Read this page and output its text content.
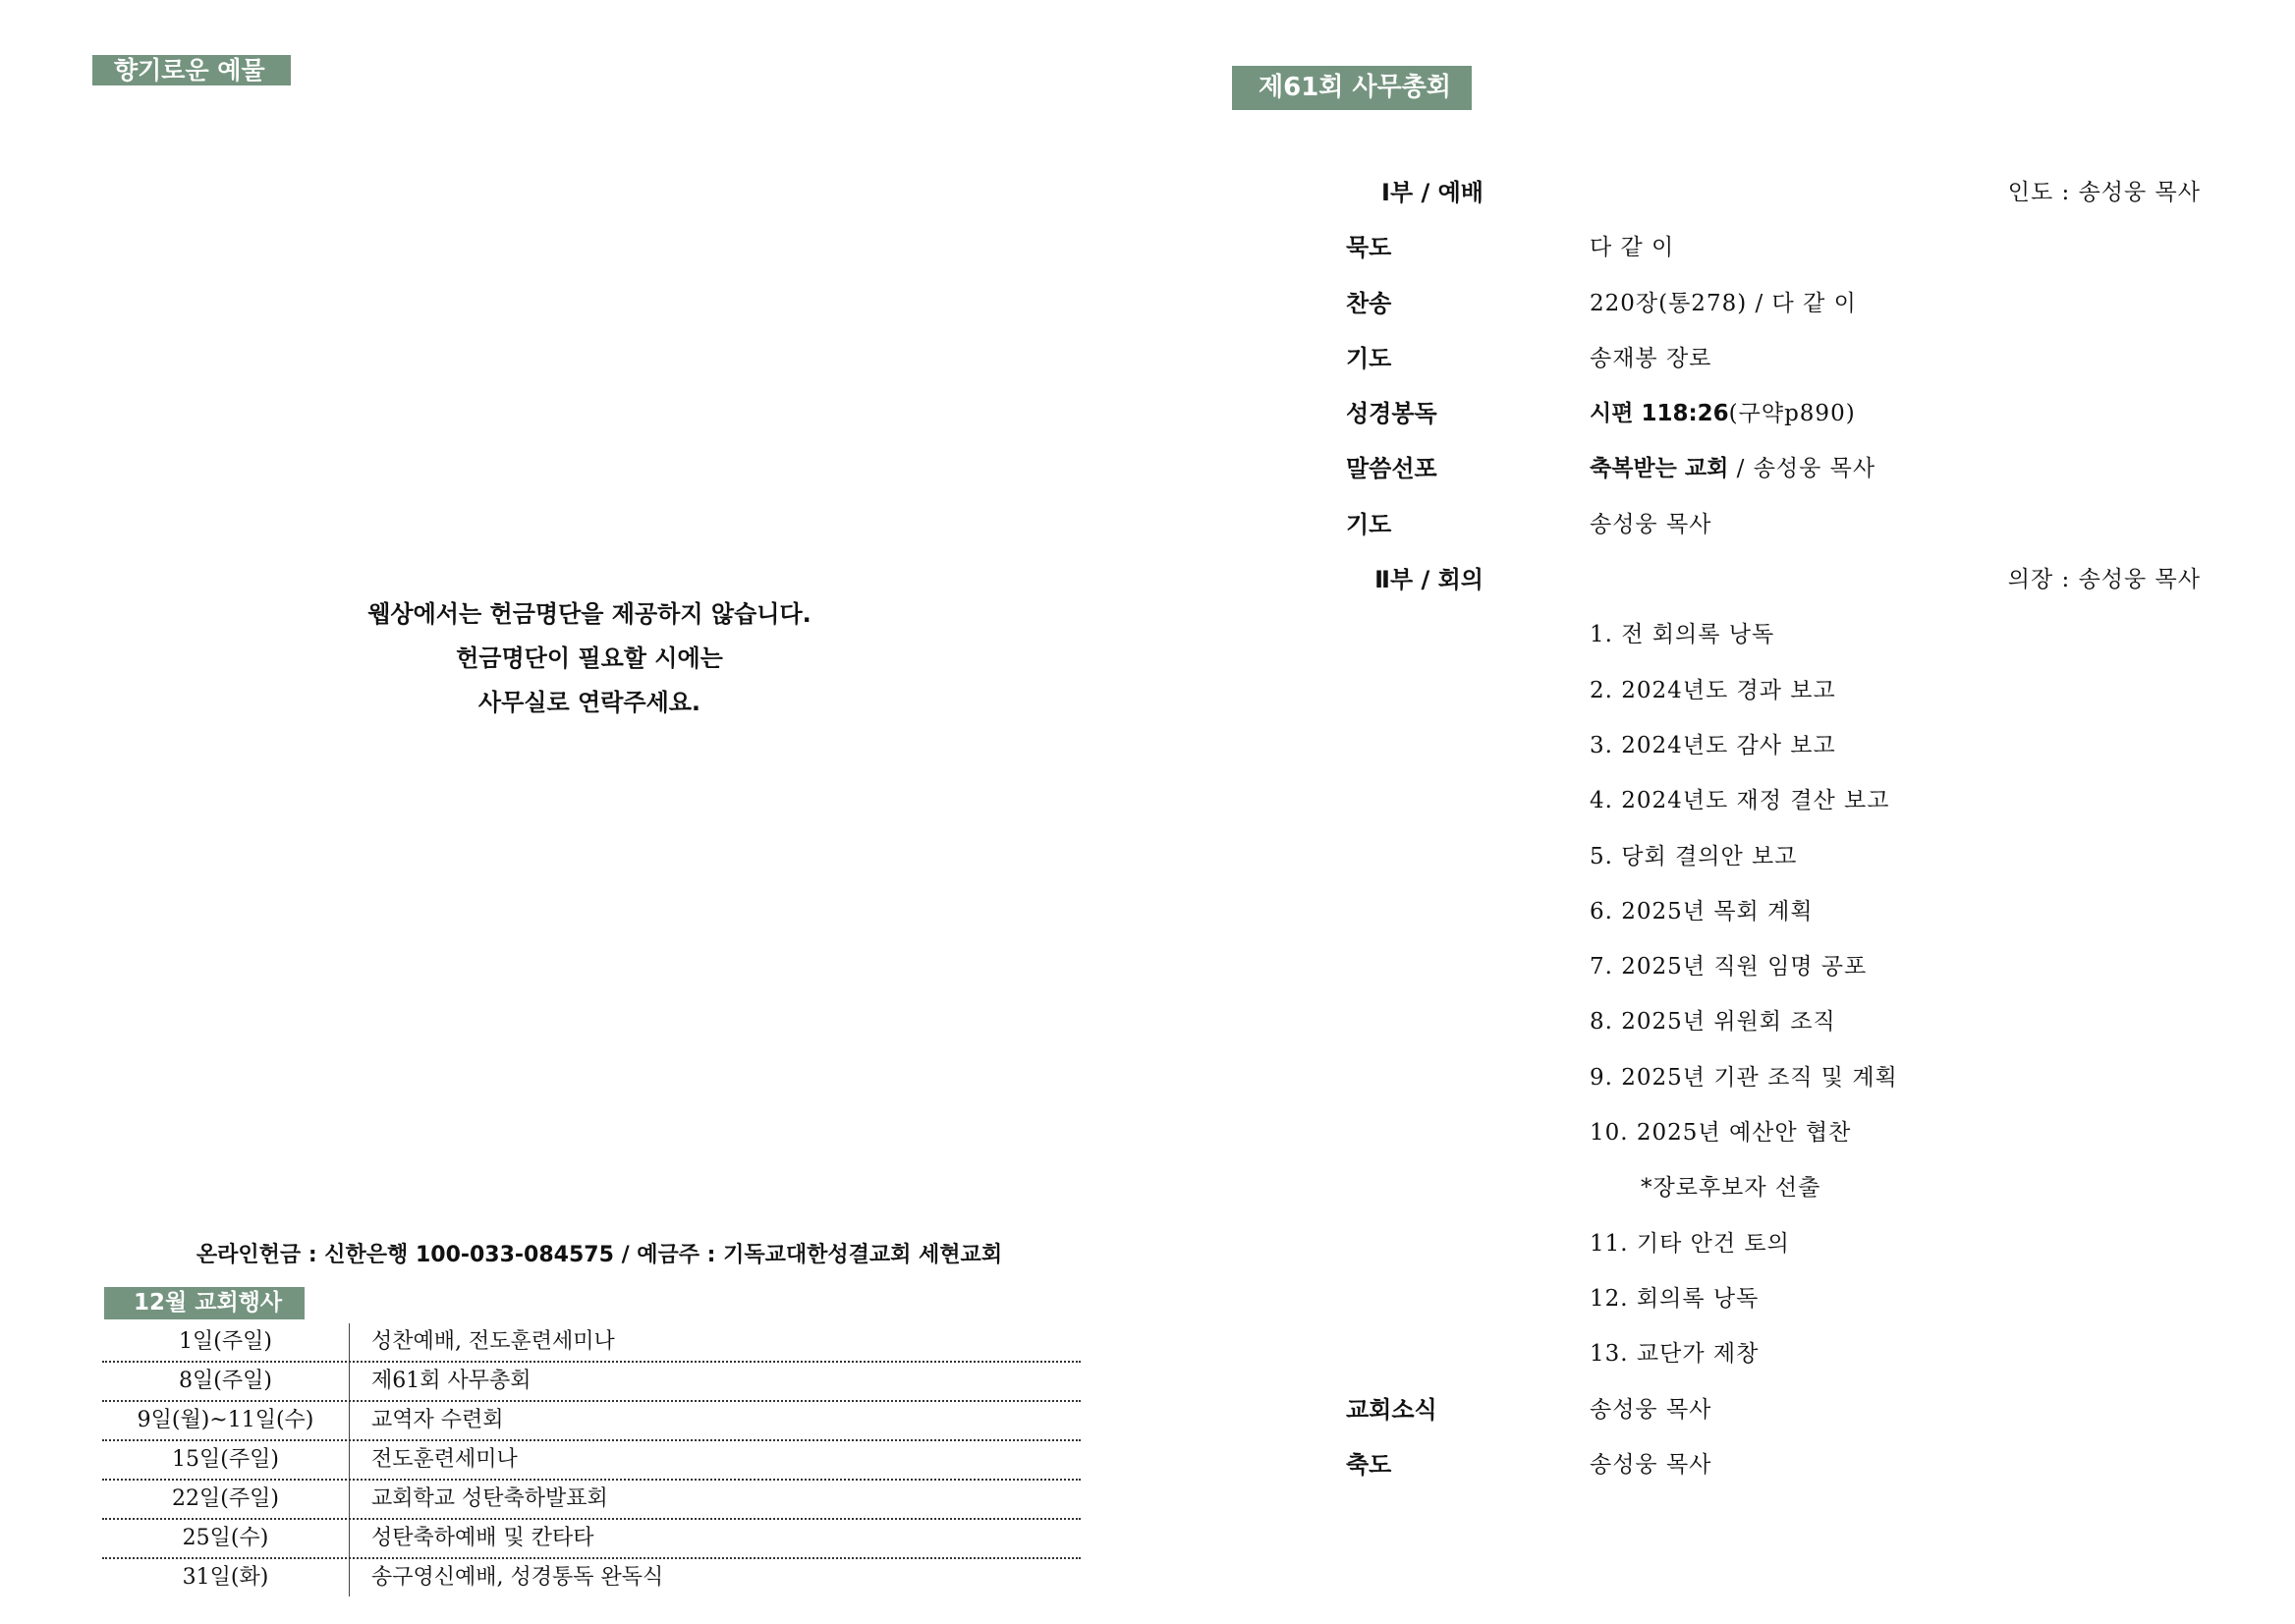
향기로운 예물
웹상에서는 헌금명단을 제공하지 않습니다.
헌금명단이 필요할 시에는
사무실로 연락주세요.
온라인헌금 : 신한은행 100-033-084575 / 예금주 : 기독교대한성결교회 세현교회
12월 교회행사
1일(주일)	성찬예배, 전도훈련세미나
8일(주일)	제61회 사무총회
9일(월)~11일(수)	교역자 수련회
15일(주일)	전도훈련세미나
22일(주일)	교회학교 성탄축하발표회
25일(수)	성탄축하예배 및 칸타타
31일(화)	송구영신예배, 성경통독 완독식
제61회 사무총회
Ⅰ부 / 예배	인도 : 송성웅 목사
묵도	다 같 이
찬송	220장(통278) / 다 같 이
기도	송재봉 장로
성경봉독	시편 118:26(구약p890)
말씀선포	축복받는 교회 / 송성웅 목사
기도	송성웅 목사
Ⅱ부 / 회의	의장 : 송성웅 목사
1. 전 회의록 낭독
2. 2024년도 경과 보고
3. 2024년도 감사 보고
4. 2024년도 재정 결산 보고
5. 당회 결의안 보고
6. 2025년 목회 계획
7. 2025년 직원 임명 공포
8. 2025년 위원회 조직
9. 2025년 기관 조직 및 계획
10. 2025년 예산안 협찬
*장로후보자 선출
11. 기타 안건 토의
12. 회의록 낭독
13. 교단가 제창
교회소식	송성웅 목사
축도	송성웅 목사
